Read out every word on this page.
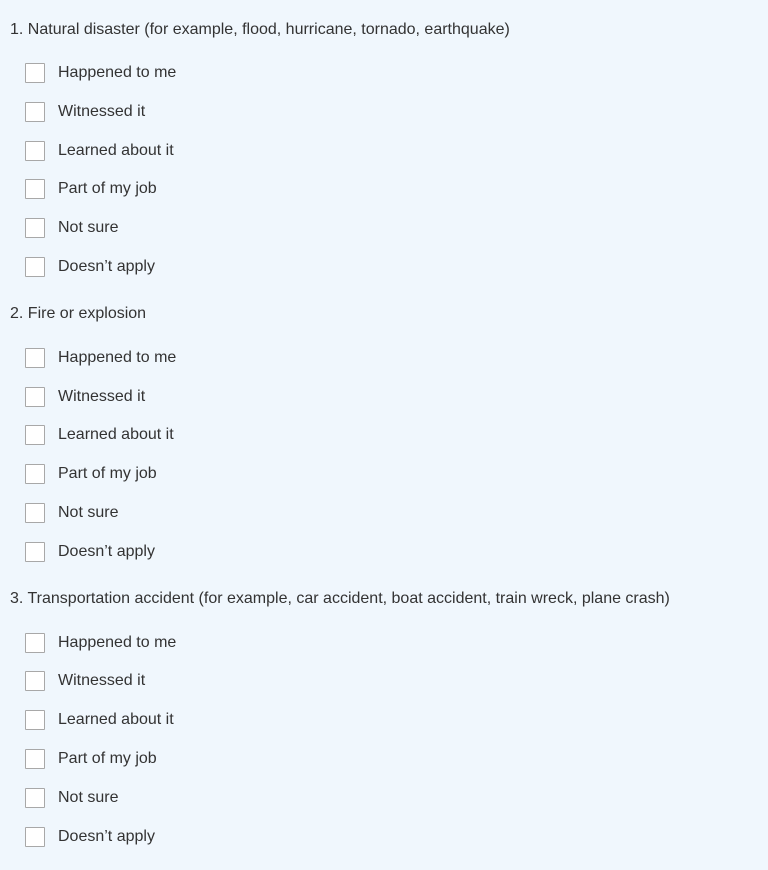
1. Natural disaster (for example, flood, hurricane, tornado, earthquake)
Happened to me
Witnessed it
Learned about it
Part of my job
Not sure
Doesn’t apply
2. Fire or explosion
Happened to me
Witnessed it
Learned about it
Part of my job
Not sure
Doesn’t apply
3. Transportation accident (for example, car accident, boat accident, train wreck, plane crash)
Happened to me
Witnessed it
Learned about it
Part of my job
Not sure
Doesn’t apply
